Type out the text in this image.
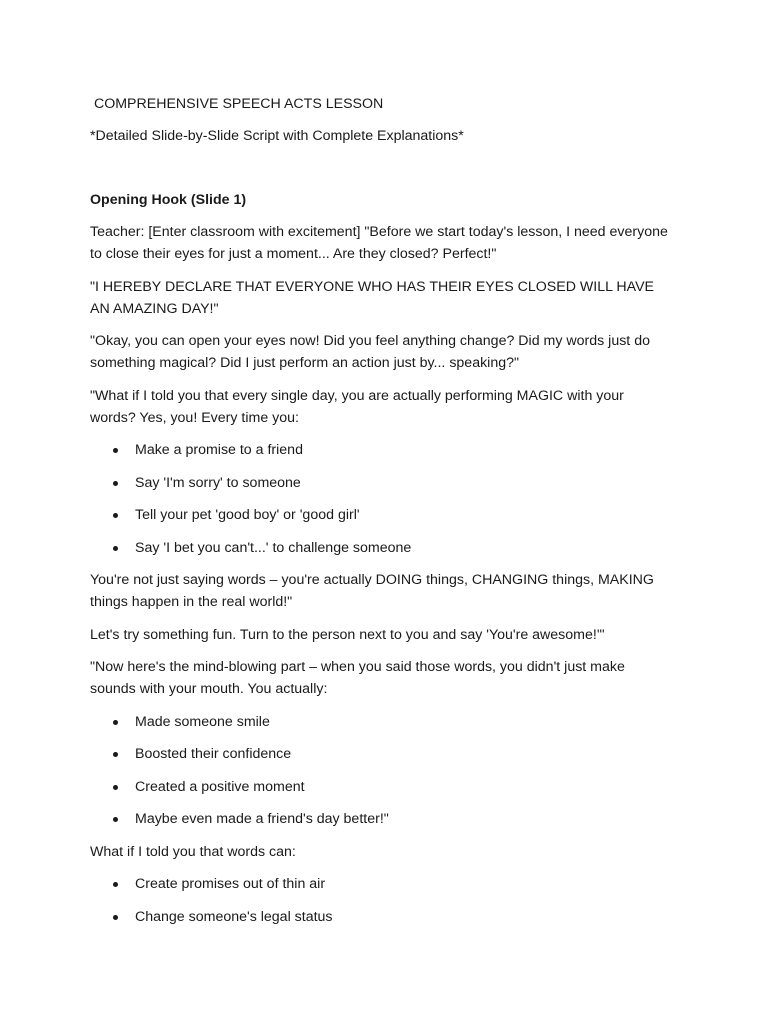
COMPREHENSIVE SPEECH ACTS LESSON

*Detailed Slide-by-Slide Script with Complete Explanations*

Opening Hook (Slide 1)

Teacher: [Enter classroom with excitement] "Before we start today's lesson, I need everyone to close their eyes for just a moment... Are they closed? Perfect!"

"I HEREBY DECLARE THAT EVERYONE WHO HAS THEIR EYES CLOSED WILL HAVE AN AMAZING DAY!"

"Okay, you can open your eyes now! Did you feel anything change? Did my words just do something magical? Did I just perform an action just by... speaking?"

"What if I told you that every single day, you are actually performing MAGIC with your words? Yes, you! Every time you:

Make a promise to a friend
Say 'I'm sorry' to someone
Tell your pet 'good boy' or 'good girl'
Say 'I bet you can't...' to challenge someone

You're not just saying words – you're actually DOING things, CHANGING things, MAKING things happen in the real world!"

Let's try something fun. Turn to the person next to you and say 'You're awesome!'"

"Now here's the mind-blowing part – when you said those words, you didn't just make sounds with your mouth. You actually:

Made someone smile
Boosted their confidence
Created a positive moment
Maybe even made a friend's day better!"

What if I told you that words can:

Create promises out of thin air
Change someone's legal status
